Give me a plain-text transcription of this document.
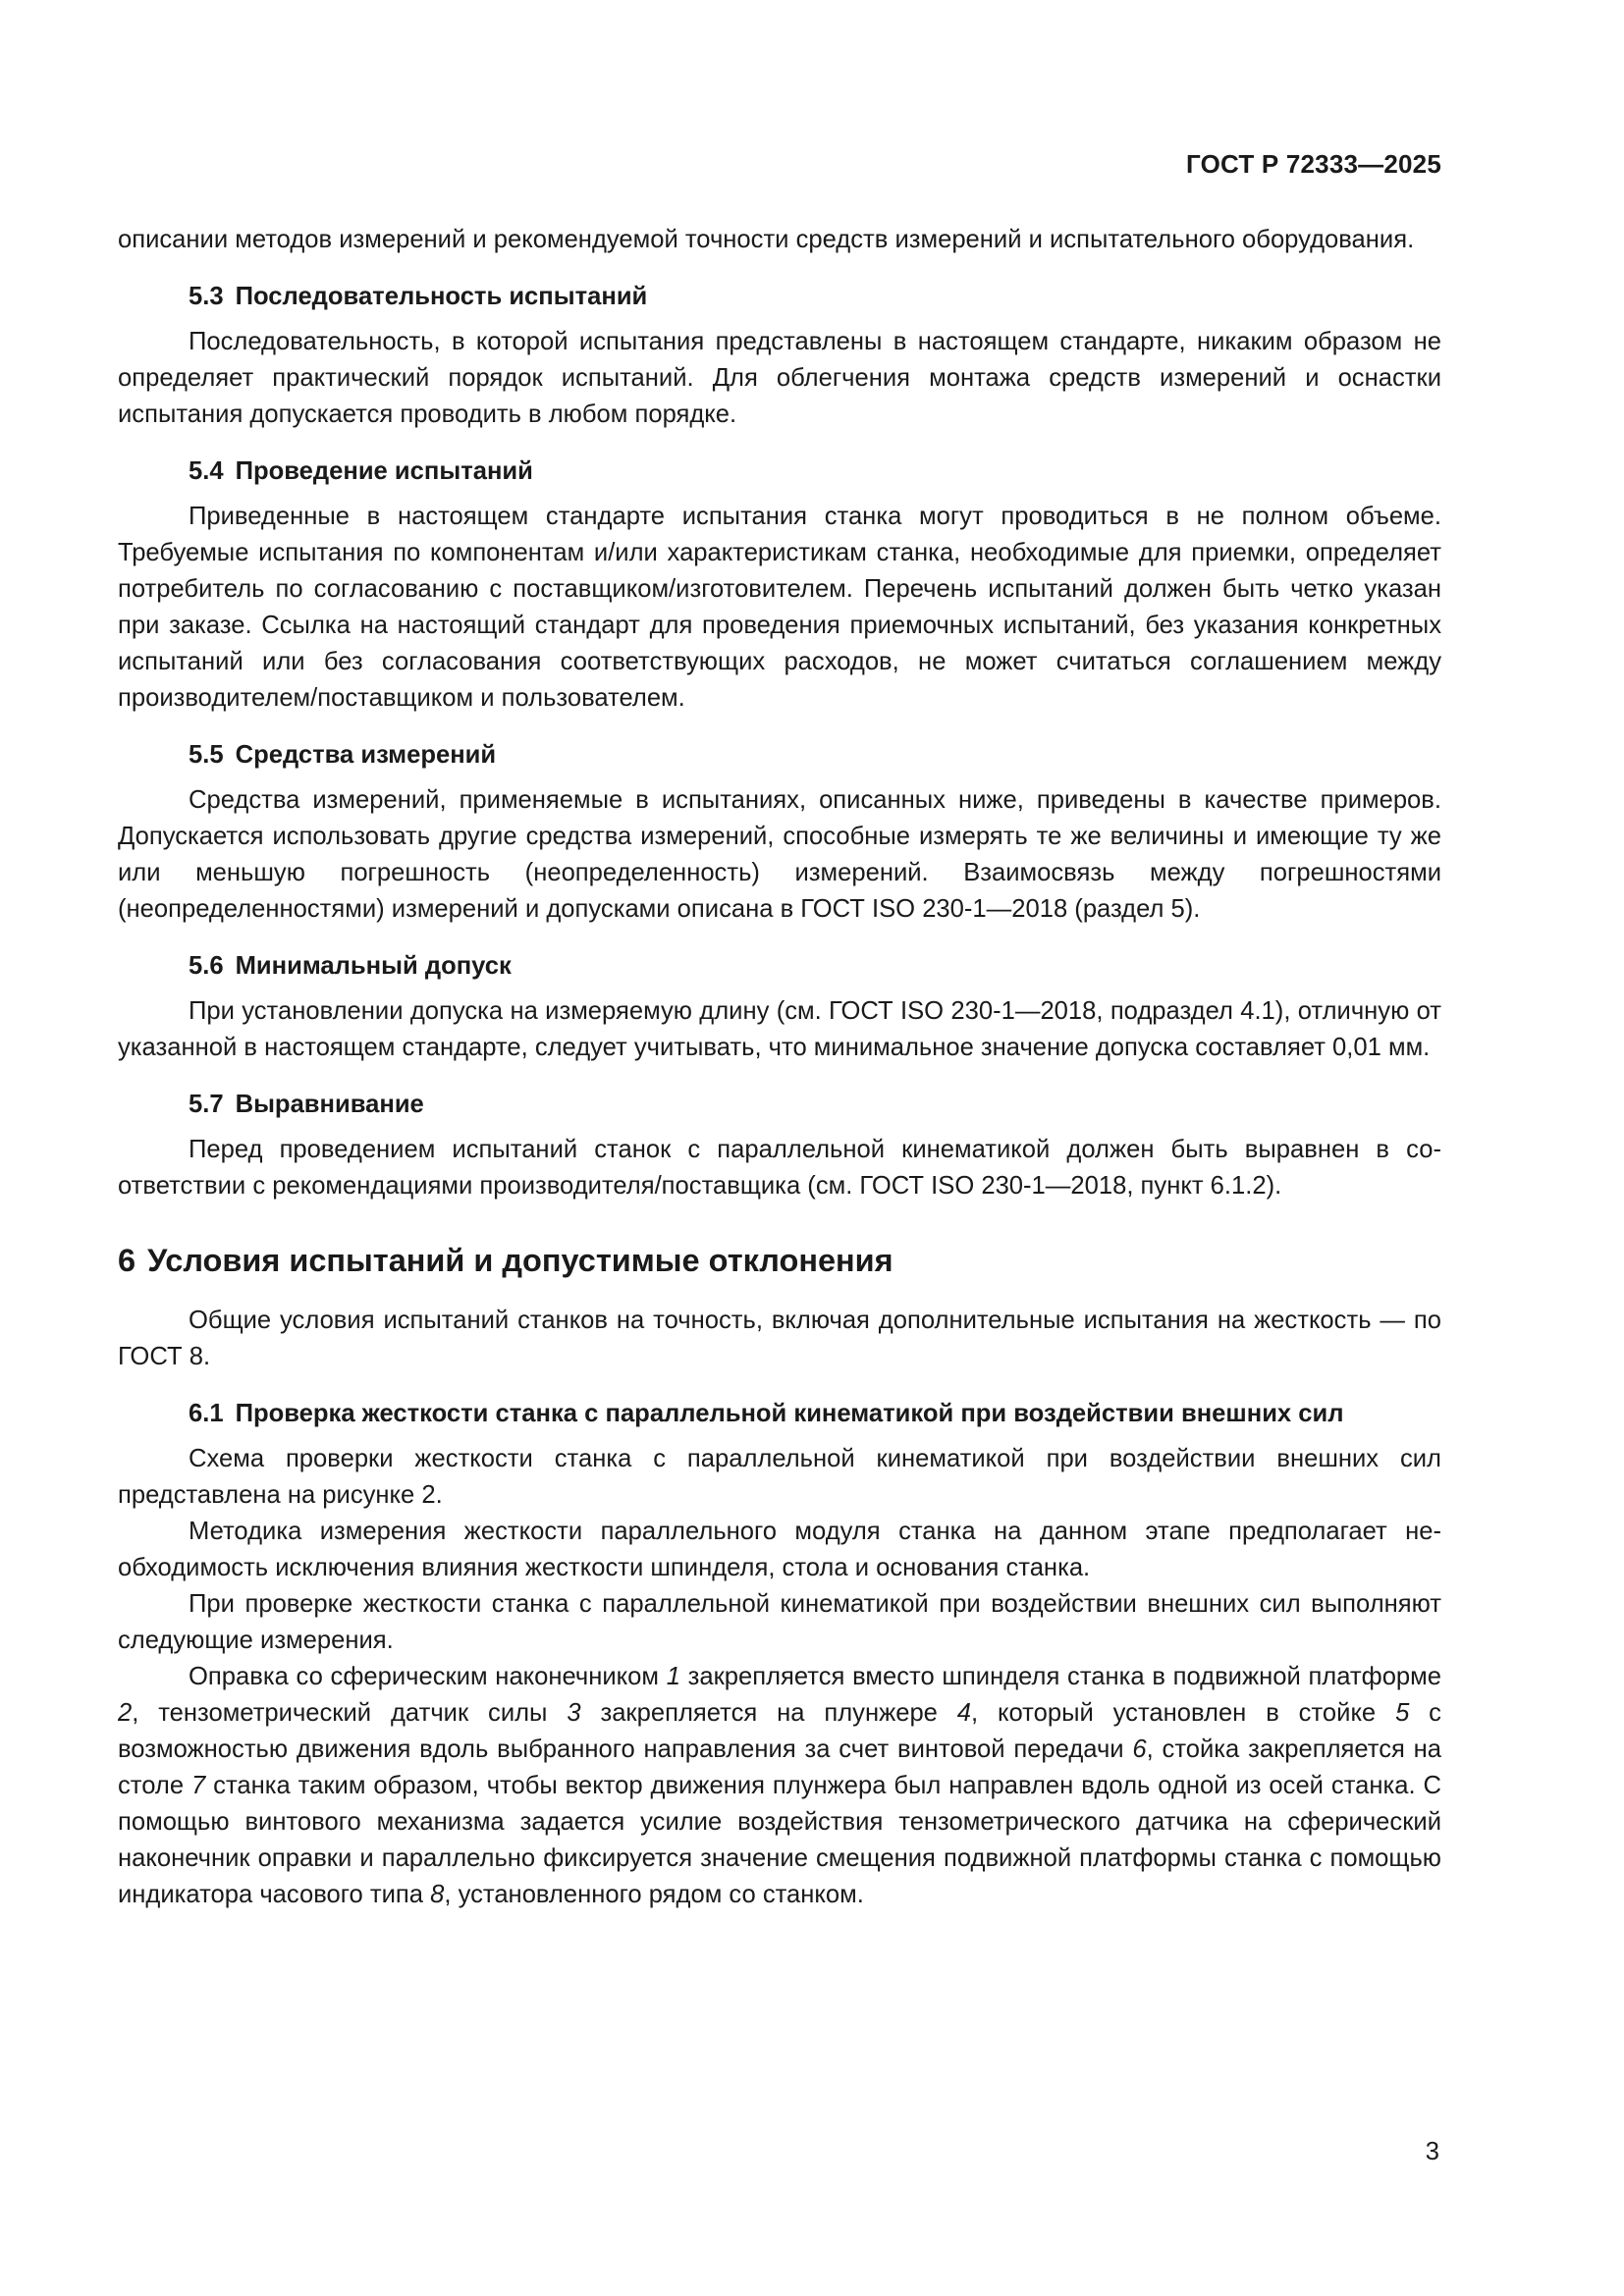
ГОСТ Р 72333—2025

описании методов измерений и рекомендуемой точности средств измерений и испытательного оборудования.

5.3 Последовательность испытаний

Последовательность, в которой испытания представлены в настоящем стандарте, никаким образом не определяет практический порядок испытаний. Для облегчения монтажа средств измерений и оснастки испытания допускается проводить в любом порядке.

5.4 Проведение испытаний

Приведенные в настоящем стандарте испытания станка могут проводиться в не полном объеме. Требуемые испытания по компонентам и/или характеристикам станка, необходимые для приемки, определяет потребитель по согласованию с поставщиком/изготовителем. Перечень испытаний должен быть четко указан при заказе. Ссылка на настоящий стандарт для проведения приемочных испытаний, без указания конкретных испытаний или без согласования соответствующих расходов, не может считаться соглашением между производителем/поставщиком и пользователем.

5.5 Средства измерений

Средства измерений, применяемые в испытаниях, описанных ниже, приведены в качестве примеров. Допускается использовать другие средства измерений, способные измерять те же величины и имеющие ту же или меньшую погрешность (неопределенность) измерений. Взаимосвязь между погрешностями (неопределенностями) измерений и допусками описана в ГОСТ ISO 230-1—2018 (раздел 5).

5.6 Минимальный допуск

При установлении допуска на измеряемую длину (см. ГОСТ ISO 230-1—2018, подраздел 4.1), отличную от указанной в настоящем стандарте, следует учитывать, что минимальное значение допуска составляет 0,01 мм.

5.7 Выравнивание

Перед проведением испытаний станок с параллельной кинематикой должен быть выравнен в соответствии с рекомендациями производителя/поставщика (см. ГОСТ ISO 230-1—2018, пункт 6.1.2).

6 Условия испытаний и допустимые отклонения

Общие условия испытаний станков на точность, включая дополнительные испытания на жесткость — по ГОСТ 8.

6.1 Проверка жесткости станка с параллельной кинематикой при воздействии внешних сил

Схема проверки жесткости станка с параллельной кинематикой при воздействии внешних сил представлена на рисунке 2.

Методика измерения жесткости параллельного модуля станка на данном этапе предполагает необходимость исключения влияния жесткости шпинделя, стола и основания станка.

При проверке жесткости станка с параллельной кинематикой при воздействии внешних сил выполняют следующие измерения.

Оправка со сферическим наконечником 1 закрепляется вместо шпинделя станка в подвижной платформе 2, тензометрический датчик силы 3 закрепляется на плунжере 4, который установлен в стойке 5 с возможностью движения вдоль выбранного направления за счет винтовой передачи 6, стойка закрепляется на столе 7 станка таким образом, чтобы вектор движения плунжера был направлен вдоль одной из осей станка. С помощью винтового механизма задается усилие воздействия тензометрического датчика на сферический наконечник оправки и параллельно фиксируется значение смещения подвижной платформы станка с помощью индикатора часового типа 8, установленного рядом со станком.

3
